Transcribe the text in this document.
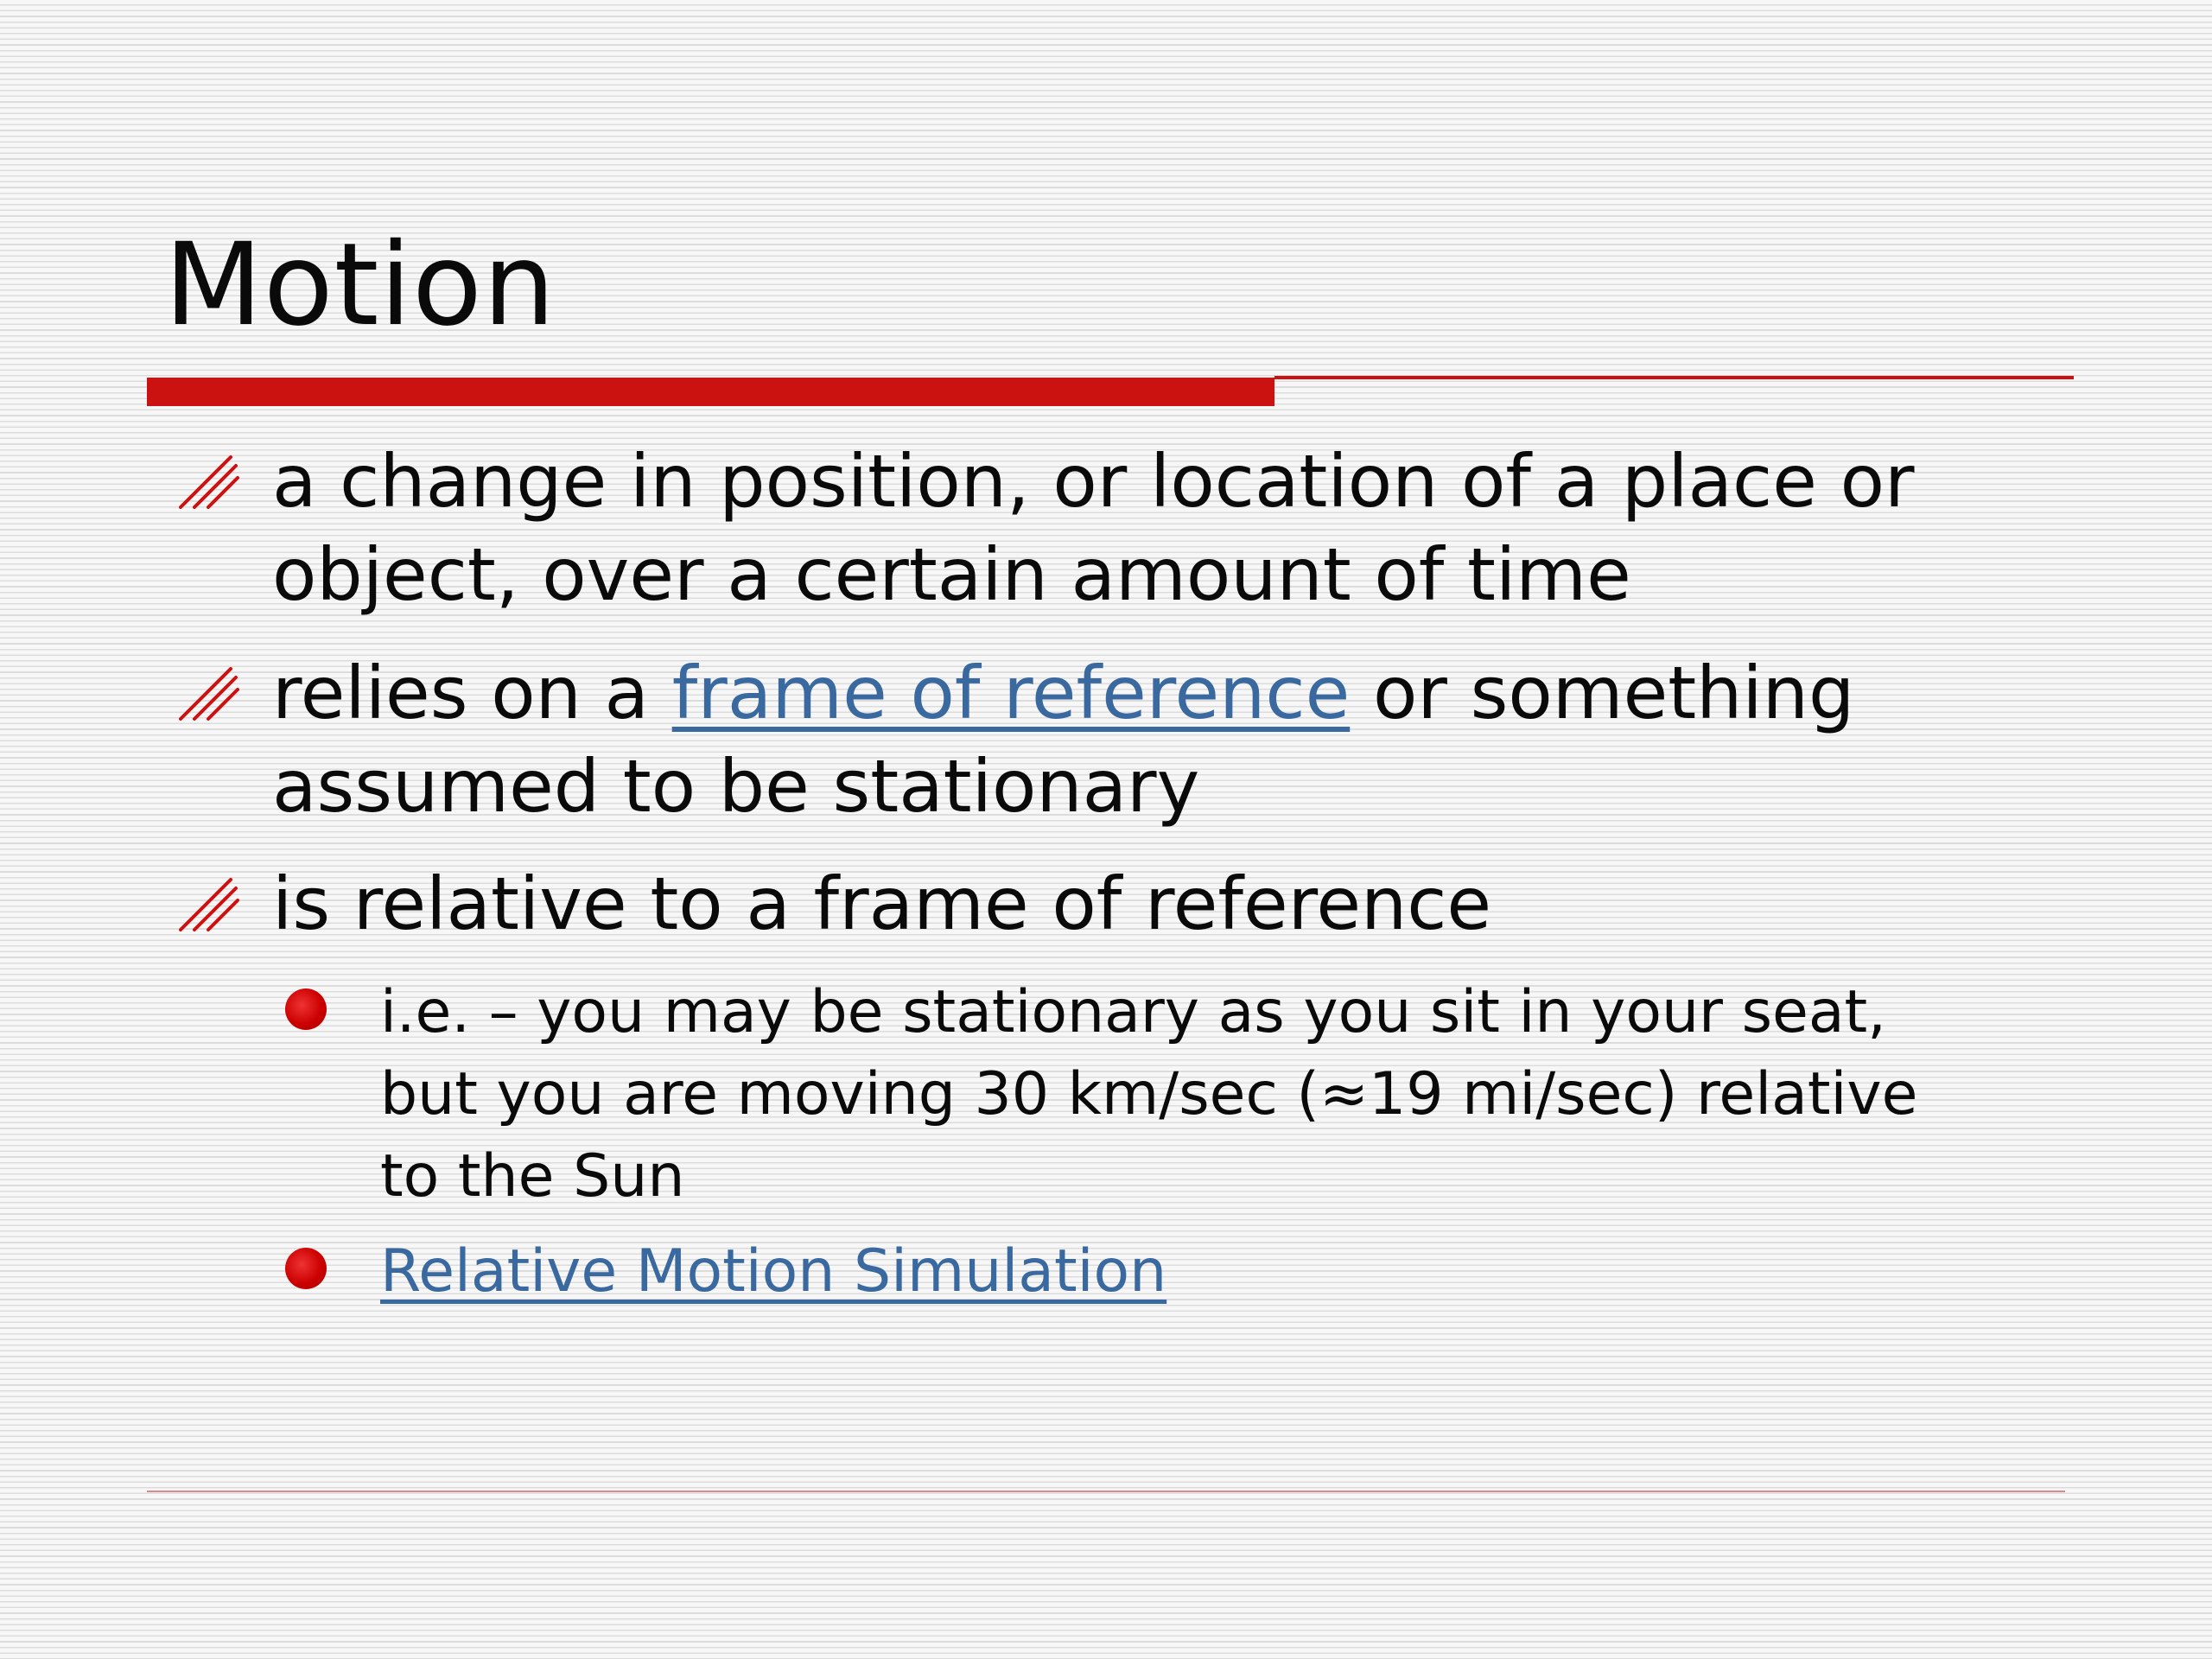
Motion
a change in position, or location of a place or
object, over a certain amount of time
relies on a frame of reference or something
assumed to be stationary
is relative to a frame of reference
i.e. – you may be stationary as you sit in your seat,
but you are moving 30 km/sec (≈19 mi/sec) relative
to the Sun
Relative Motion Simulation
